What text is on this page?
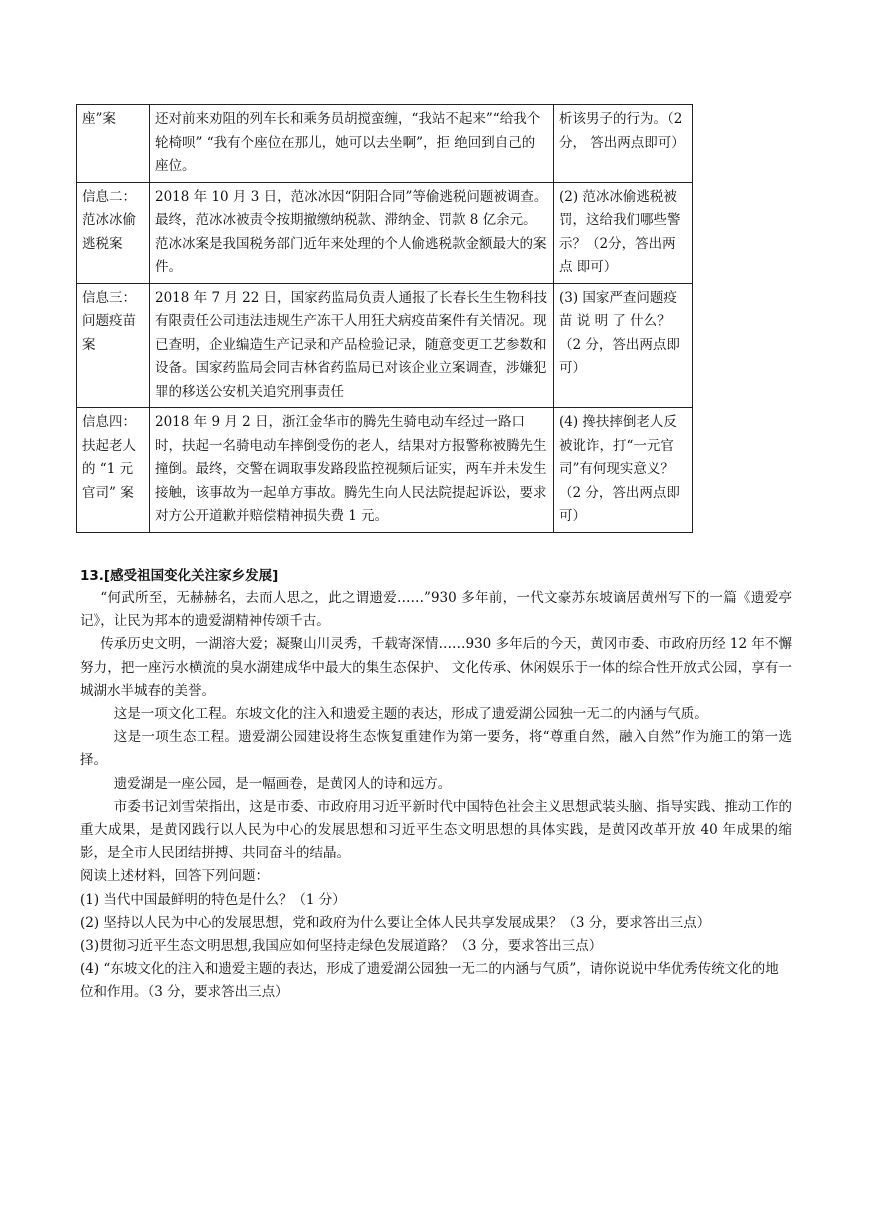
座”案	还对前来劝阻的列车长和乘务员胡搅蛮缠，“我站不起来”“给我个轮椅呗” “我有个座位在那儿，她可以去坐啊”，拒 绝回到自己的座位。	析该男子的行为。（2分， 答出两点即可）
信息二：范冰冰偷逃税案	2018 年 10 月 3 日，范冰冰因“阴阳合同”等偷逃税问题被调查。最终，范冰冰被责令按期撤缴纳税款、滞纳金、罚款 8 亿余元。范冰冰案是我国税务部门近年来处理的个人偷逃税款金额最大的案件。	(2) 范冰冰偷逃税被罚，这给我们哪些警 示？（2分，答出两点 即可）
信息三：问题疫苗案	2018 年 7 月 22 日，国家药监局负责人通报了长春长生生物科技有限责任公司违法违规生产冻干人用狂犬病疫苗案件有关情况。现已查明，企业编造生产记录和产品检验记录，随意变更工艺参数和设备。国家药监局会同吉林省药监局已对该企业立案调查，涉嫌犯罪的移送公安机关追究刑事责任	(3) 国家严查问题疫 苗 说 明 了 什么？（2 分，答出两点即可）
信息四：扶起老人的 “1 元官司” 案	2018 年 9 月 2 日，浙江金华市的腾先生骑电动车经过一路口时，扶起一名骑电动车摔倒受伤的老人，结果对方报警称被腾先生撞倒。最终，交警在调取事发路段监控视频后证实，两车并未发生接触，该事故为一起单方事故。腾先生向人民法院提起诉讼，要求对方公开道歉并赔偿精神损失费 1 元。	(4) 搀扶摔倒老人反被讹诈，打“一元官司”有何现实意义？（2 分，答出两点即可）

13.[感受祖国变化关注家乡发展]

“何武所至，无赫赫名，去而人思之，此之谓遗爱……”930 多年前，一代文豪苏东坡谪居黄州写下的一篇《遗爱亭记》，让民为邦本的遗爱湖精神传颂千古。

传承历史文明，一湖溶大爱；凝聚山川灵秀，千载寄深情……930 多年后的今天，黄冈市委、市政府历经 12 年不懈努力，把一座污水横流的臭水湖建成华中最大的集生态保护、 文化传承、休闲娱乐于一体的综合性开放式公园，享有一城湖水半城春的美誉。

这是一项文化工程。东坡文化的注入和遗爱主题的表达，形成了遗爱湖公园独一无二的内涵与气质。

这是一项生态工程。遗爱湖公园建设将生态恢复重建作为第一要务，将“尊重自然，融入自然”作为施工的第一选择。

遗爱湖是一座公园，是一幅画卷，是黄冈人的诗和远方。

市委书记刘雪荣指出，这是市委、市政府用习近平新时代中国特色社会主义思想武装头脑、指导实践、推动工作的重大成果，是黄冈践行以人民为中心的发展思想和习近平生态文明思想的具体实践，是黄冈改革开放 40 年成果的缩影，是全市人民团结拼搏、共同奋斗的结晶。

阅读上述材料，回答下列问题：

(1) 当代中国最鲜明的特色是什么？（1 分）

(2) 坚持以人民为中心的发展思想，党和政府为什么要让全体人民共享发展成果？（3 分，要求答出三点）

(3)贯彻习近平生态文明思想,我国应如何坚持走绿色发展道路？（3 分，要求答出三点）

(4) “东坡文化的注入和遗爱主题的表达，形成了遗爱湖公园独一无二的内涵与气质”，请你说说中华优秀传统文化的地位和作用。（3 分，要求答出三点）
